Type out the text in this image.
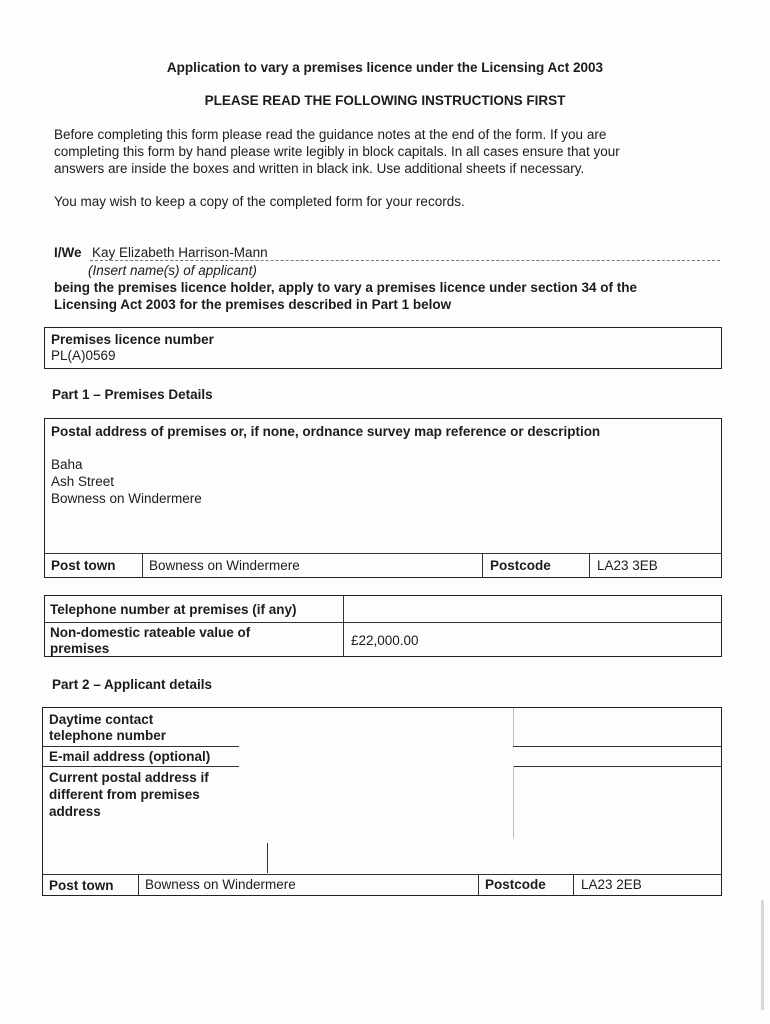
Application to vary a premises licence under the Licensing Act 2003
PLEASE READ THE FOLLOWING INSTRUCTIONS FIRST
Before completing this form please read the guidance notes at the end of the form. If you are
completing this form by hand please write legibly in block capitals. In all cases ensure that your
answers are inside the boxes and written in black ink. Use additional sheets if necessary.
You may wish to keep a copy of the completed form for your records.
I/We Kay Elizabeth Harrison-Mann
(Insert name(s) of applicant)
being the premises licence holder, apply to vary a premises licence under section 34 of the
Licensing Act 2003 for the premises described in Part 1 below
Premises licence number
PL(A)0569
Part 1 – Premises Details
Postal address of premises or, if none, ordnance survey map reference or description
Baha
Ash Street
Bowness on Windermere
Post town Bowness on Windermere	Postcode	LA23 3EB
Telephone number at premises (if any)
Non-domestic rateable value of
premises
£22,000.00
Part 2 – Applicant details
Daytime contact
telephone number
E-mail address (optional)
Current postal address if
different from premises
address
Post town Bowness on Windermere	Postcode	LA23 2EB
